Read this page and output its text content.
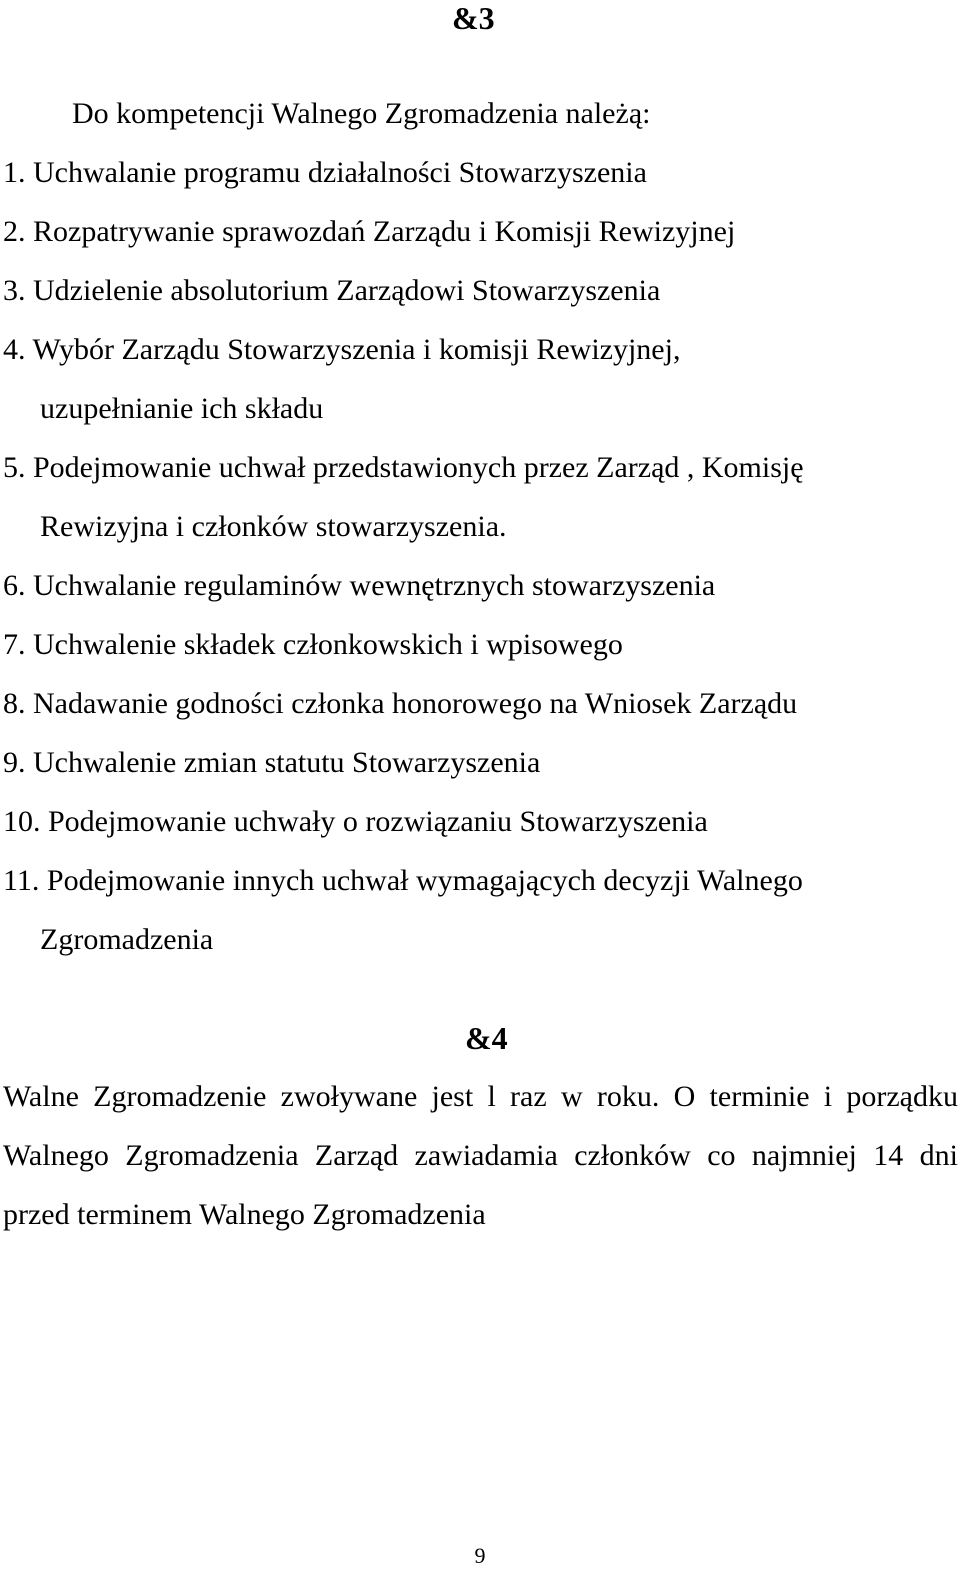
&3
Do kompetencji Walnego Zgromadzenia należą:
1. Uchwalanie programu działalności Stowarzyszenia
2. Rozpatrywanie sprawozdań Zarządu i Komisji Rewizyjnej
3. Udzielenie absolutorium Zarządowi Stowarzyszenia
4. Wybór Zarządu Stowarzyszenia i komisji Rewizyjnej,
uzupełnianie ich składu
5. Podejmowanie uchwał przedstawionych przez Zarząd , Komisję
Rewizyjna i członków stowarzyszenia.
6. Uchwalanie regulaminów wewnętrznych stowarzyszenia
7. Uchwalenie składek członkowskich i wpisowego
8. Nadawanie godności członka honorowego na Wniosek Zarządu
9. Uchwalenie zmian statutu Stowarzyszenia
10. Podejmowanie uchwały o rozwiązaniu Stowarzyszenia
11. Podejmowanie innych uchwał wymagających decyzji Walnego
Zgromadzenia
&4
Walne Zgromadzenie zwoływane jest l raz w roku. O terminie i porządku
Walnego Zgromadzenia Zarząd zawiadamia członków co najmniej 14 dni
przed terminem Walnego Zgromadzenia
9
